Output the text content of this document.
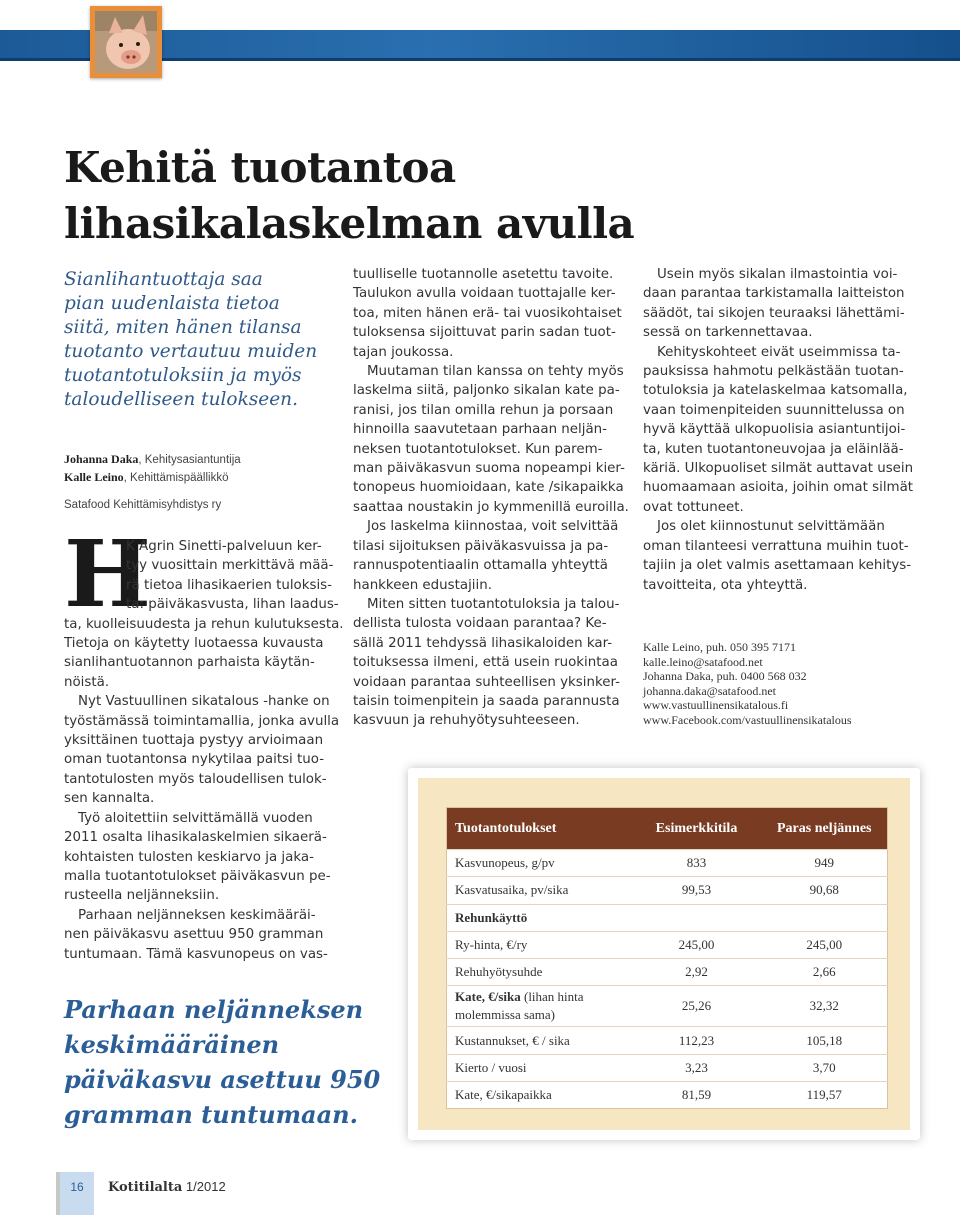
Kehitä tuotantoa
lihasikalaskelman avulla
Sianlihantuottaja saa
pian uudenlaista tietoa
siitä, miten hänen tilansa
tuotanto vertautuu muiden
tuotantotuloksiin ja myös
taloudelliseen tulokseen.
Johanna Daka, Kehitysasiantuntija
Kalle Leino, Kehittämispäällikkö
Satafood Kehittämisyhdistys ry
H
K Agrin Sinetti-palveluun ker-
tyy vuosittain merkittävä mää-
rä tietoa lihasikaerien tuloksis-
ta: päiväkasvusta, lihan laadus-
ta, kuolleisuudesta ja rehun kulutuksesta.
Tietoja on käytetty luotaessa kuvausta
sianlihantuotannon parhaista käytän-
nöistä.
Nyt Vastuullinen sikatalous -hanke on
työstämässä toimintamallia, jonka avulla
yksittäinen tuottaja pystyy arvioimaan
oman tuotantonsa nykytilaa paitsi tuo-
tantotulosten myös taloudellisen tulok-
sen kannalta.
Työ aloitettiin selvittämällä vuoden
2011 osalta lihasikalaskelmien sikaerä-
kohtaisten tulosten keskiarvo ja jaka-
malla tuotantotulokset päiväkasvun pe-
rusteella neljänneksiin.
Parhaan neljänneksen keskimääräi-
nen päiväkasvu asettuu 950 gramman
tuntumaan. Tämä kasvunopeus on vas-
tuulliselle tuotannolle asetettu tavoite.
Taulukon avulla voidaan tuottajalle ker-
toa, miten hänen erä- tai vuosikohtaiset
tuloksensa sijoittuvat parin sadan tuot-
tajan joukossa.
Muutaman tilan kanssa on tehty myös
laskelma siitä, paljonko sikalan kate pa-
ranisi, jos tilan omilla rehun ja porsaan
hinnoilla saavutetaan parhaan neljän-
neksen tuotantotulokset. Kun parem-
man päiväkasvun suoma nopeampi kier-
tonopeus huomioidaan, kate /sikapaikka
saattaa noustakin jo kymmenillä euroilla.
Jos laskelma kiinnostaa, voit selvittää
tilasi sijoituksen päiväkasvuissa ja pa-
rannuspotentiaalin ottamalla yhteyttä
hankkeen edustajiin.
Miten sitten tuotantotuloksia ja talou-
dellista tulosta voidaan parantaa? Ke-
sällä 2011 tehdyssä lihasikaloiden kar-
toituksessa ilmeni, että usein ruokintaa
voidaan parantaa suhteellisen yksinker-
taisin toimenpitein ja saada parannusta
kasvuun ja rehuhyötysuhteeseen.
Usein myös sikalan ilmastointia voi-
daan parantaa tarkistamalla laitteiston
säädöt, tai sikojen teuraaksi lähettämi-
sessä on tarkennettavaa.
Kehityskohteet eivät useimmissa ta-
pauksissa hahmotu pelkästään tuotan-
totuloksia ja katelaskelmaa katsomalla,
vaan toimenpiteiden suunnittelussa on
hyvä käyttää ulkopuolisia asiantuntijoi-
ta, kuten tuotantoneuvojaa ja eläinlää-
käriä. Ulkopuoliset silmät auttavat usein
huomaamaan asioita, joihin omat silmät
ovat tottuneet.
Jos olet kiinnostunut selvittämään
oman tilanteesi verrattuna muihin tuot-
tajiin ja olet valmis asettamaan kehitys-
tavoitteita, ota yhteyttä.
Kalle Leino, puh. 050 395 7171
kalle.leino@satafood.net
Johanna Daka, puh. 0400 568 032
johanna.daka@satafood.net
www.vastuullinensikatalous.fi
www.Facebook.com/vastuullinensikatalous
Parhaan neljänneksen
keskimääräinen
päiväkasvu asettuu 950
gramman tuntumaan.
Tuotantotulokset	Esimerkkitila	Paras neljännes
Kasvunopeus, g/pv	833	949
Kasvatusaika, pv/sika	99,53	90,68
Rehunkäyttö		
Ry-hinta, €/ry	245,00	245,00
Rehuhyötysuhde	2,92	2,66
Kate, €/sika (lihan hinta
molemmissa sama)	25,26	32,32
Kustannukset, € / sika	112,23	105,18
Kierto / vuosi	3,23	3,70
Kate, €/sikapaikka	81,59	119,57
16	Kotitilalta 1/2012
